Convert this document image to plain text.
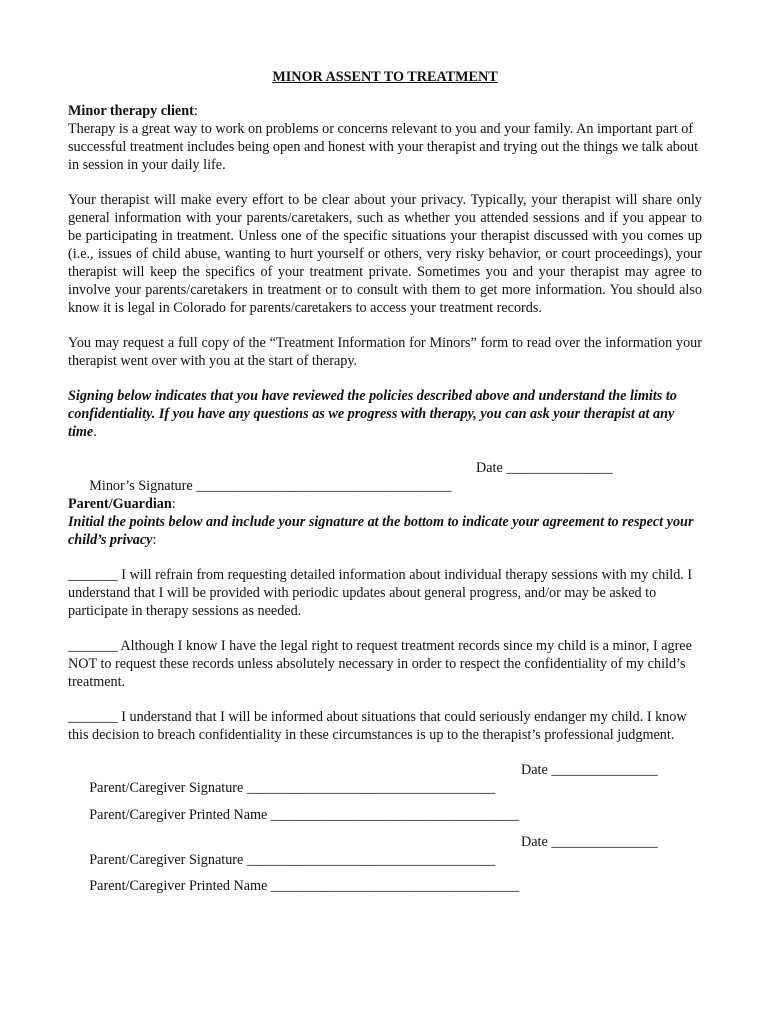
MINOR ASSENT TO TREATMENT
Minor therapy client:
Therapy is a great way to work on problems or concerns relevant to you and your family. An important part of successful treatment includes being open and honest with your therapist and trying out the things we talk about in session in your daily life.
Your therapist will make every effort to be clear about your privacy. Typically, your therapist will share only general information with your parents/caretakers, such as whether you attended sessions and if you appear to be participating in treatment. Unless one of the specific situations your therapist discussed with you comes up (i.e., issues of child abuse, wanting to hurt yourself or others, very risky behavior, or court proceedings), your therapist will keep the specifics of your treatment private. Sometimes you and your therapist may agree to involve your parents/caretakers in treatment or to consult with them to get more information. You should also know it is legal in Colorado for parents/caretakers to access your treatment records.
You may request a full copy of the “Treatment Information for Minors” form to read over the information your therapist went over with you at the start of therapy.
Signing below indicates that you have reviewed the policies described above and understand the limits to confidentiality. If you have any questions as we progress with therapy, you can ask your therapist at any time.

Minor’s Signature ____________________________________

Date _______________

Parent/Guardian:
Initial the points below and include your signature at the bottom to indicate your agreement to respect your child’s privacy:
_______ I will refrain from requesting detailed information about individual therapy sessions with my child. I understand that I will be provided with periodic updates about general progress, and/or may be asked to participate in therapy sessions as needed.
_______ Although I know I have the legal right to request treatment records since my child is a minor, I agree NOT to request these records unless absolutely necessary in order to respect the confidentiality of my child’s treatment.
_______ I understand that I will be informed about situations that could seriously endanger my child. I know this decision to breach confidentiality in these circumstances is up to the therapist’s professional judgment.

Parent/Caregiver Signature ___________________________________

Date _______________

Parent/Caregiver Printed Name ___________________________________

Parent/Caregiver Signature ___________________________________

Date _______________

Parent/Caregiver Printed Name ___________________________________
